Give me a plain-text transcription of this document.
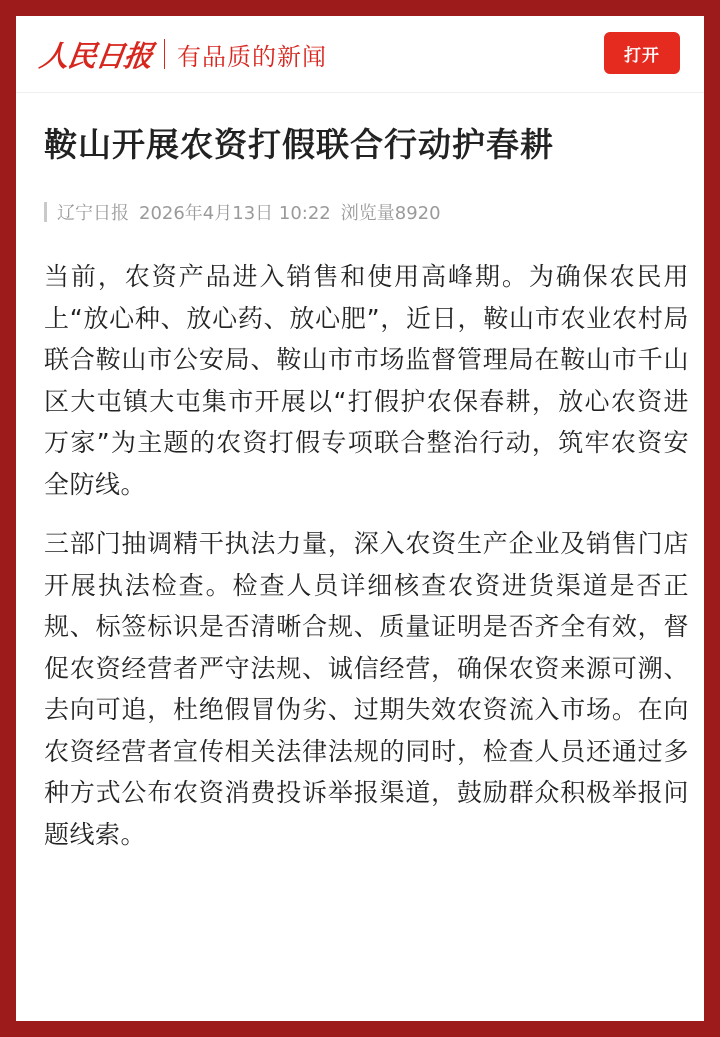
人民日报 有品质的新闻	打开
鞍山开展农资打假联合行动护春耕
辽宁日报 2026年4月13日 10:22 浏览量8920

当前，农资产品进入销售和使用高峰期。为确保农民用上“放心种、放心药、放心肥”，近日，鞍山市农业农村局联合鞍山市公安局、鞍山市市场监督管理局在鞍山市千山区大屯镇大屯集市开展以“打假护农保春耕，放心农资进万家”为主题的农资打假专项联合整治行动，筑牢农资安全防线。

三部门抽调精干执法力量，深入农资生产企业及销售门店开展执法检查。检查人员详细核查农资进货渠道是否正规、标签标识是否清晰合规、质量证明是否齐全有效，督促农资经营者严守法规、诚信经营，确保农资来源可溯、去向可追，杜绝假冒伪劣、过期失效农资流入市场。在向农资经营者宣传相关法律法规的同时，检查人员还通过多种方式公布农资消费投诉举报渠道，鼓励群众积极举报问题线索。
